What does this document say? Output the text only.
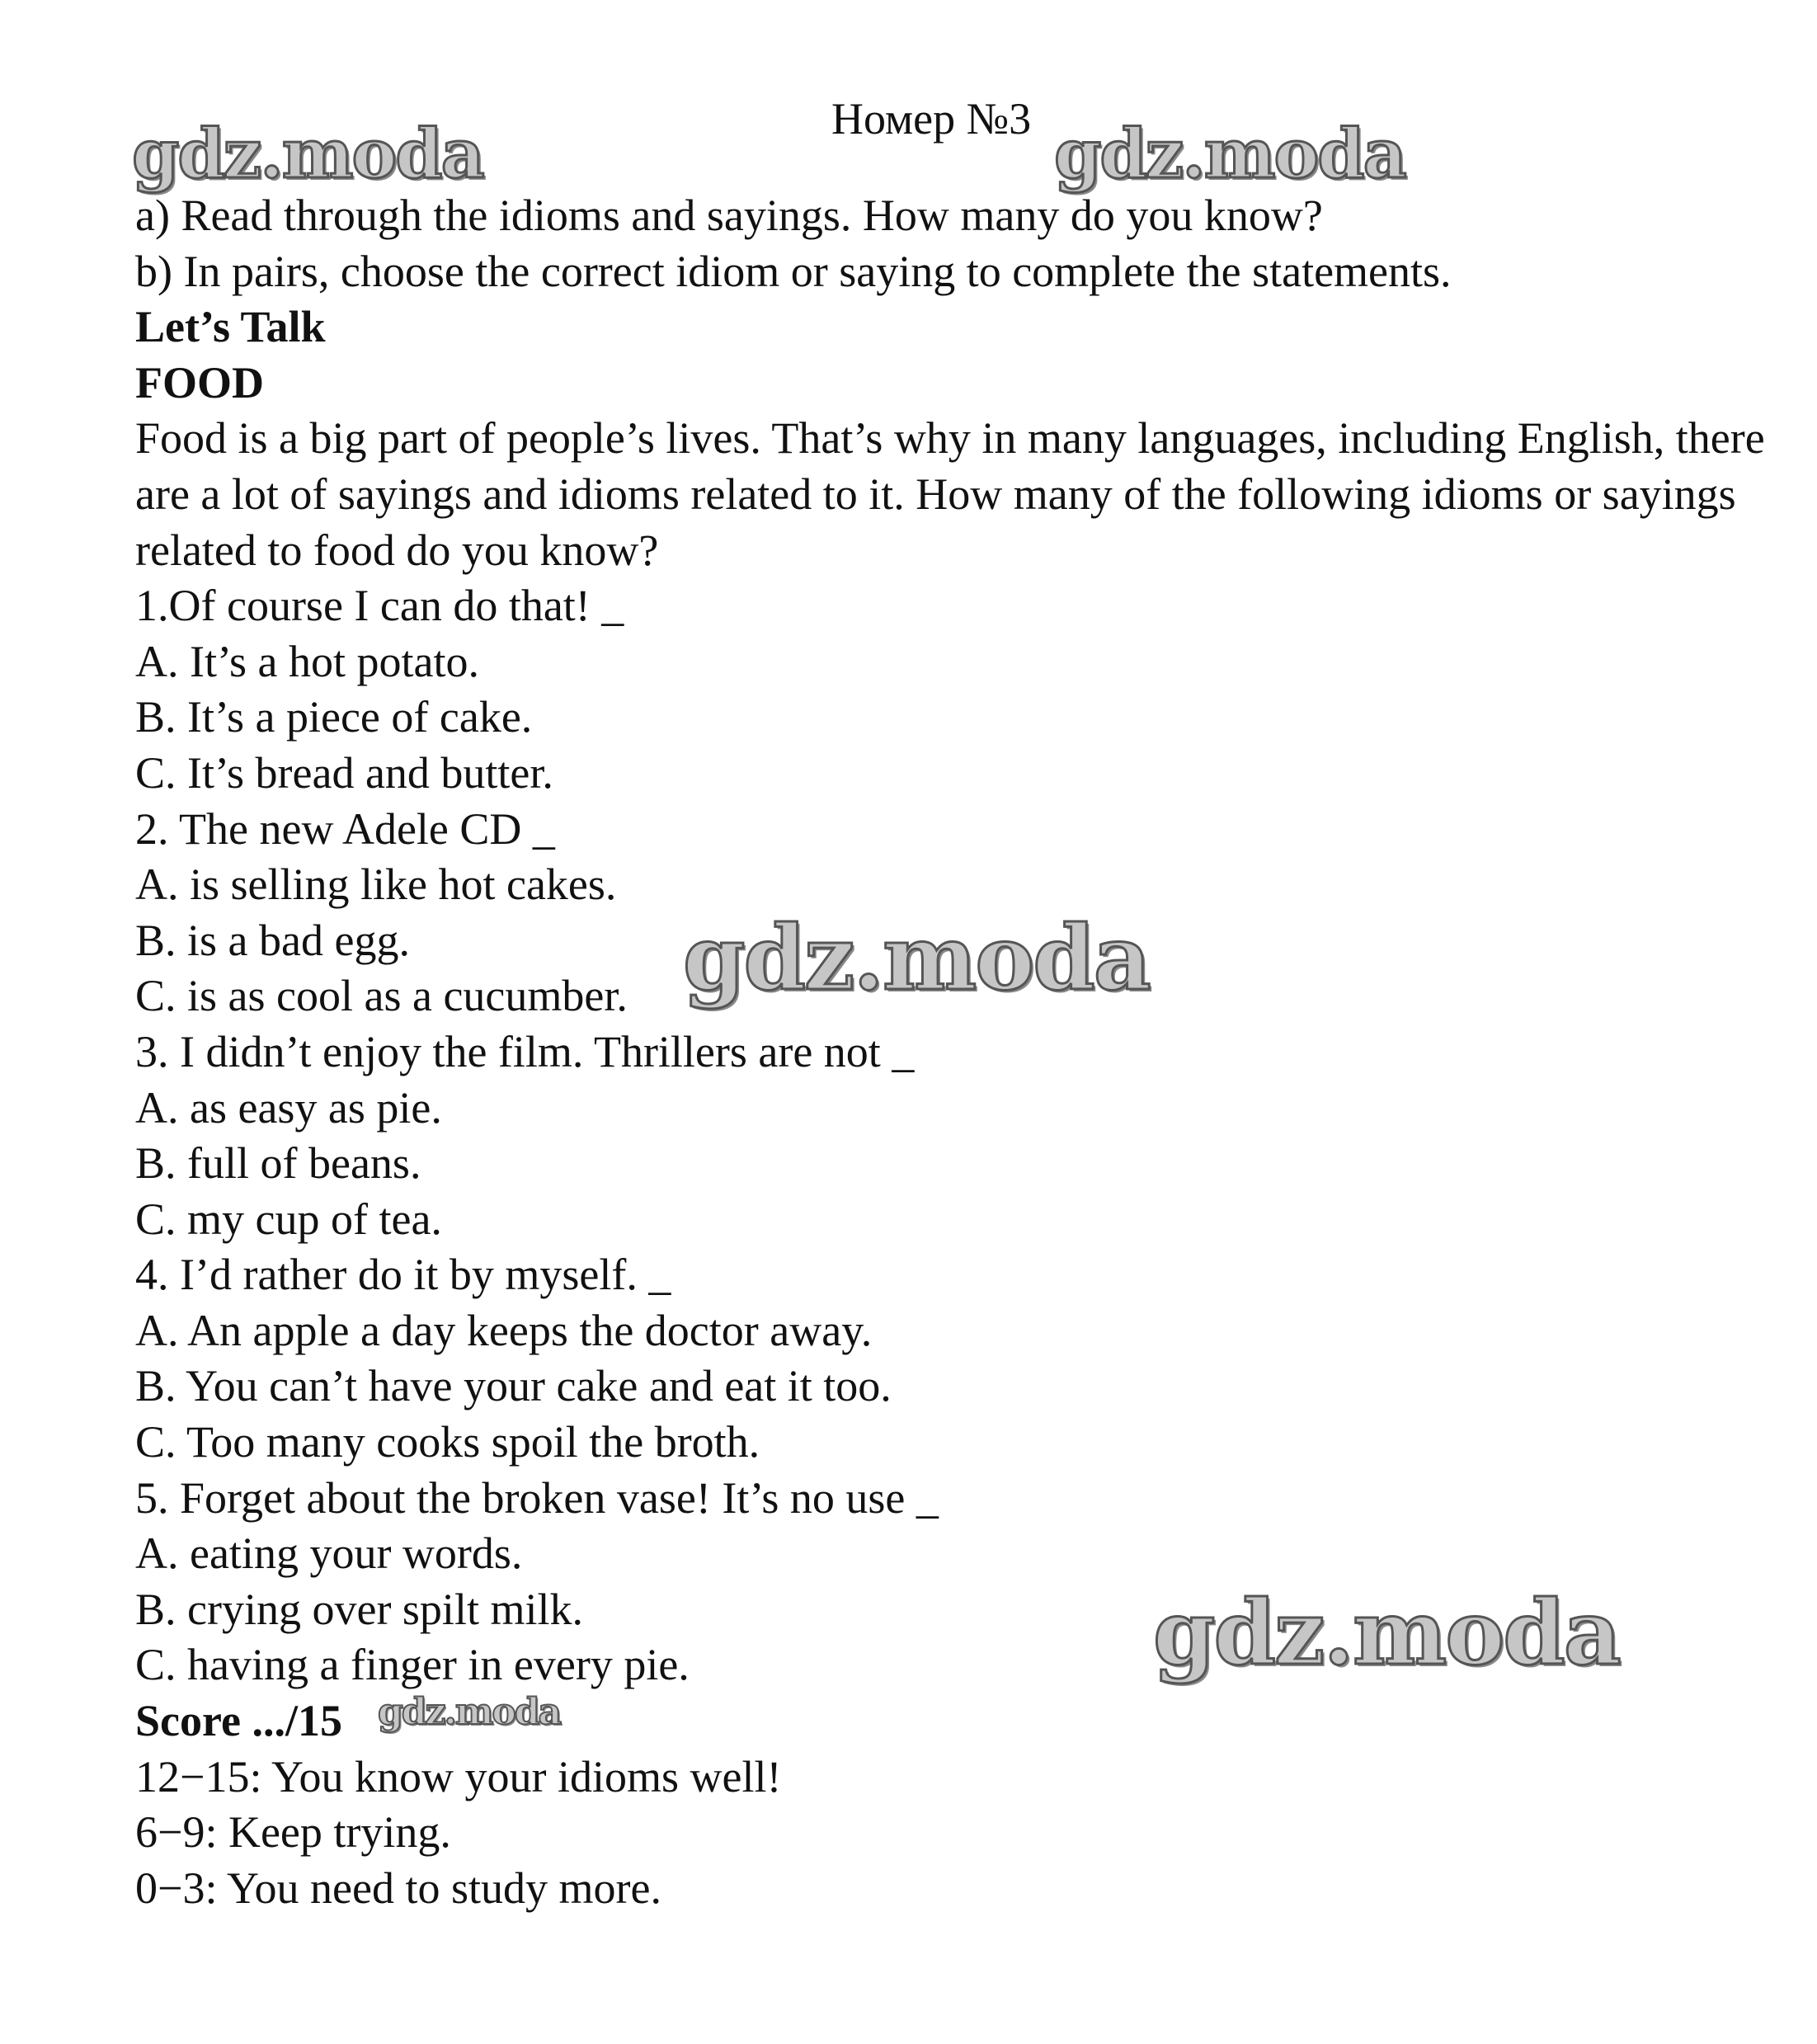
Номер №3
gdz.moda	gdz.moda
a) Read through the idioms and sayings. How many do you know?
b) In pairs, choose the correct idiom or saying to complete the statements.
Let’s Talk
FOOD
Food is a big part of people’s lives. That’s why in many languages, including English, there are a lot of sayings and idioms related to it. How many of the following idioms or sayings related to food do you know?
1.Of course I can do that! _
A. It’s a hot potato.
B. It’s a piece of cake.
C. It’s bread and butter.
2. The new Adele CD _
A. is selling like hot cakes.
B. is a bad egg.
C. is as cool as a cucumber.
3. I didn’t enjoy the film. Thrillers are not _
A. as easy as pie.
B. full of beans.
C. my cup of tea.
4. I’d rather do it by myself. _
A. An apple a day keeps the doctor away.
B. You can’t have your cake and eat it too.
C. Too many cooks spoil the broth.
5. Forget about the broken vase! It’s no use _
A. eating your words.
B. crying over spilt milk.
C. having a finger in every pie.
Score .../15
12−15: You know your idioms well!
6−9: Keep trying.
0−3: You need to study more.
gdz.moda
gdz.moda
gdz.moda
